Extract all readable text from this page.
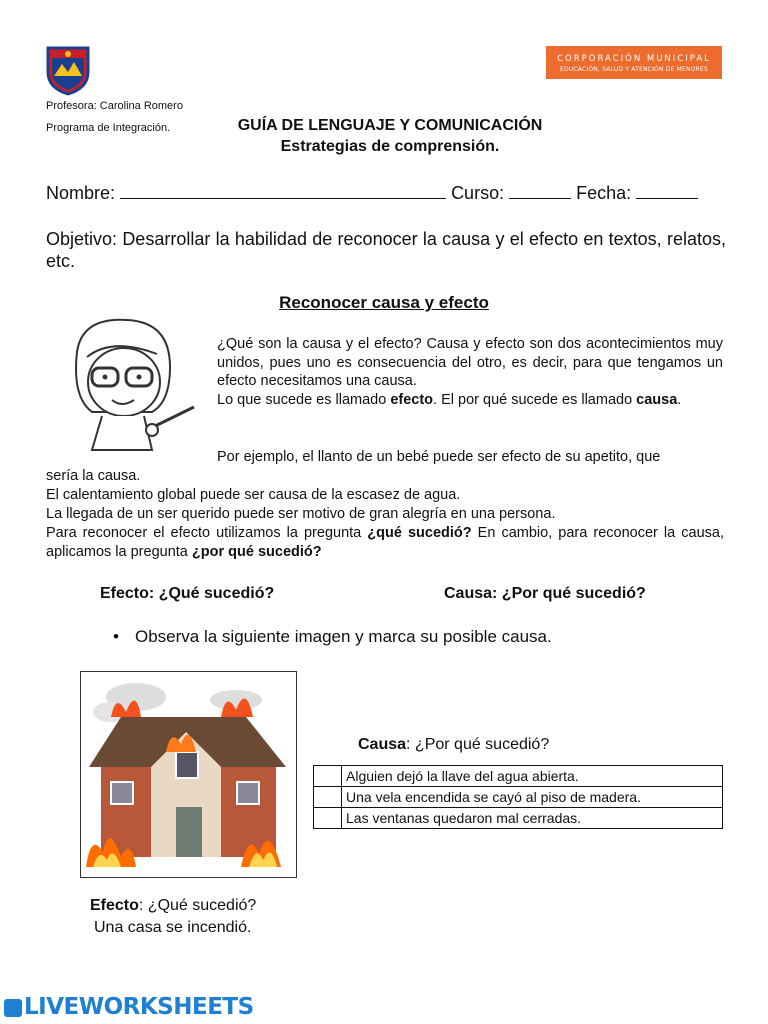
CORPORACIÓN MUNICIPAL
EDUCACIÓN, SALUD Y ATENCIÓN DE MENORES
Profesora: Carolina Romero
Programa de Integración.	GUÍA DE LENGUAJE Y COMUNICACIÓN
Estrategias de comprensión.
Nombre:	Curso:	Fecha:
Objetivo: Desarrollar la habilidad de reconocer la causa y el efecto en textos, relatos, etc.
Reconocer causa y efecto
¿Qué son la causa y el efecto? Causa y efecto son dos acontecimientos muy unidos, pues uno es consecuencia del otro, es decir, para que tengamos un efecto necesitamos una causa.
Lo que sucede es llamado efecto. El por qué sucede es llamado causa.
Por ejemplo, el llanto de un bebé puede ser efecto de su apetito, que
sería la causa.
El calentamiento global puede ser causa de la escasez de agua.
La llegada de un ser querido puede ser motivo de gran alegría en una persona.
Para reconocer el efecto utilizamos la pregunta ¿qué sucedió? En cambio, para reconocer la causa, aplicamos la pregunta ¿por qué sucedió?
Efecto: ¿Qué sucedió?	Causa: ¿Por qué sucedió?
• Observa la siguiente imagen y marca su posible causa.
Causa: ¿Por qué sucedió?
	Alguien dejó la llave del agua abierta.
	Una vela encendida se cayó al piso de madera.
	Las ventanas quedaron mal cerradas.
Efecto: ¿Qué sucedió?
Una casa se incendió.
LIVEWORKSHEETS
